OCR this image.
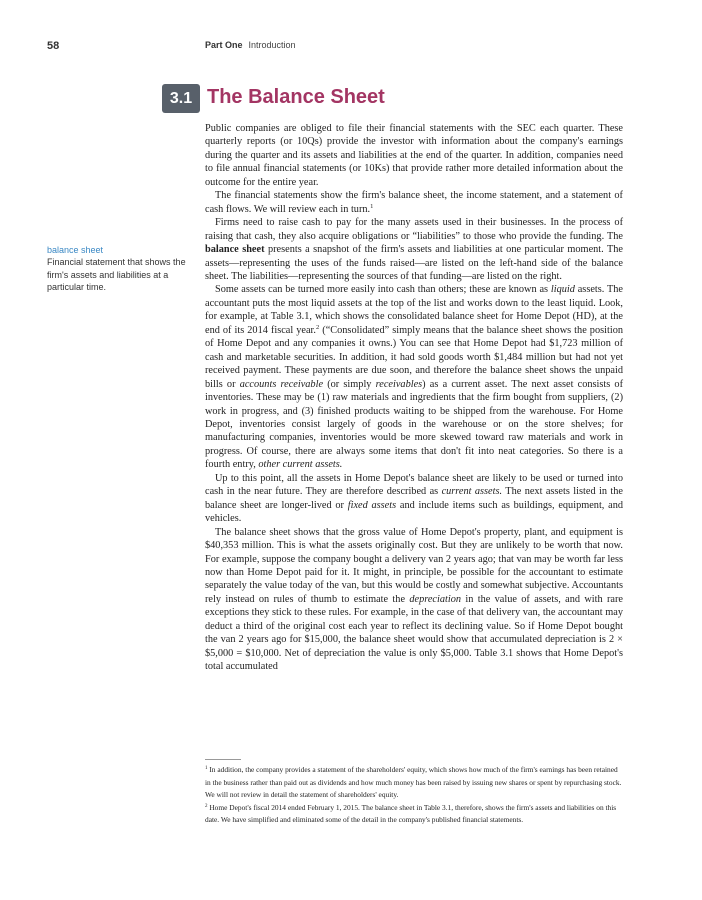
58	Part One Introduction
3.1 The Balance Sheet
balance sheet
Financial statement that shows the firm's assets and liabilities at a particular time.

Public companies are obliged to file their financial statements with the SEC each quarter. These quarterly reports (or 10Qs) provide the investor with information about the company's earnings during the quarter and its assets and liabilities at the end of the quarter. In addition, companies need to file annual financial statements (or 10Ks) that provide rather more detailed information about the outcome for the entire year.

The financial statements show the firm's balance sheet, the income statement, and a statement of cash flows. We will review each in turn.$^1$

Firms need to raise cash to pay for the many assets used in their businesses. In the process of raising that cash, they also acquire obligations or “liabilities” to those who provide the funding. The balance sheet presents a snapshot of the firm's assets and liabilities at one particular moment. The assets—representing the uses of the funds raised—are listed on the left-hand side of the balance sheet. The liabilities—representing the sources of that funding—are listed on the right.

Some assets can be turned more easily into cash than others; these are known as liquid assets. The accountant puts the most liquid assets at the top of the list and works down to the least liquid. Look, for example, at Table 3.1, which shows the consolidated balance sheet for Home Depot (HD), at the end of its 2014 fiscal year.$^2$ (“Consolidated” simply means that the balance sheet shows the position of Home Depot and any companies it owns.) You can see that Home Depot had $1,723 million of cash and marketable securities. In addition, it had sold goods worth $1,484 million but had not yet received payment. These payments are due soon, and therefore the balance sheet shows the unpaid bills or accounts receivable (or simply receivables) as a current asset. The next asset consists of inventories. These may be (1) raw materials and ingredients that the firm bought from suppliers, (2) work in progress, and (3) finished products waiting to be shipped from the warehouse. For Home Depot, inventories consist largely of goods in the warehouse or on the store shelves; for manufacturing companies, inventories would be more skewed toward raw materials and work in progress. Of course, there are always some items that don't fit into neat categories. So there is a fourth entry, other current assets.

Up to this point, all the assets in Home Depot's balance sheet are likely to be used or turned into cash in the near future. They are therefore described as current assets. The next assets listed in the balance sheet are longer-lived or fixed assets and include items such as buildings, equipment, and vehicles.

The balance sheet shows that the gross value of Home Depot's property, plant, and equipment is $40,353 million. This is what the assets originally cost. But they are unlikely to be worth that now. For example, suppose the company bought a delivery van 2 years ago; that van may be worth far less now than Home Depot paid for it. It might, in principle, be possible for the accountant to estimate separately the value today of the van, but this would be costly and somewhat subjective. Accountants rely instead on rules of thumb to estimate the depreciation in the value of assets, and with rare exceptions they stick to these rules. For example, in the case of that delivery van, the accountant may deduct a third of the original cost each year to reflect its declining value. So if Home Depot bought the van 2 years ago for $15,000, the balance sheet would show that accumulated depreciation is 2 × $5,000 = $10,000. Net of depreciation the value is only $5,000. Table 3.1 shows that Home Depot's total accumulated

$^1$ In addition, the company provides a statement of the shareholders' equity, which shows how much of the firm's earnings has been retained in the business rather than paid out as dividends and how much money has been raised by issuing new shares or spent by repurchasing stock. We will not review in detail the statement of shareholders' equity.

$^2$ Home Depot's fiscal 2014 ended February 1, 2015. The balance sheet in Table 3.1, therefore, shows the firm's assets and liabilities on this date. We have simplified and eliminated some of the detail in the company's published financial statements.
